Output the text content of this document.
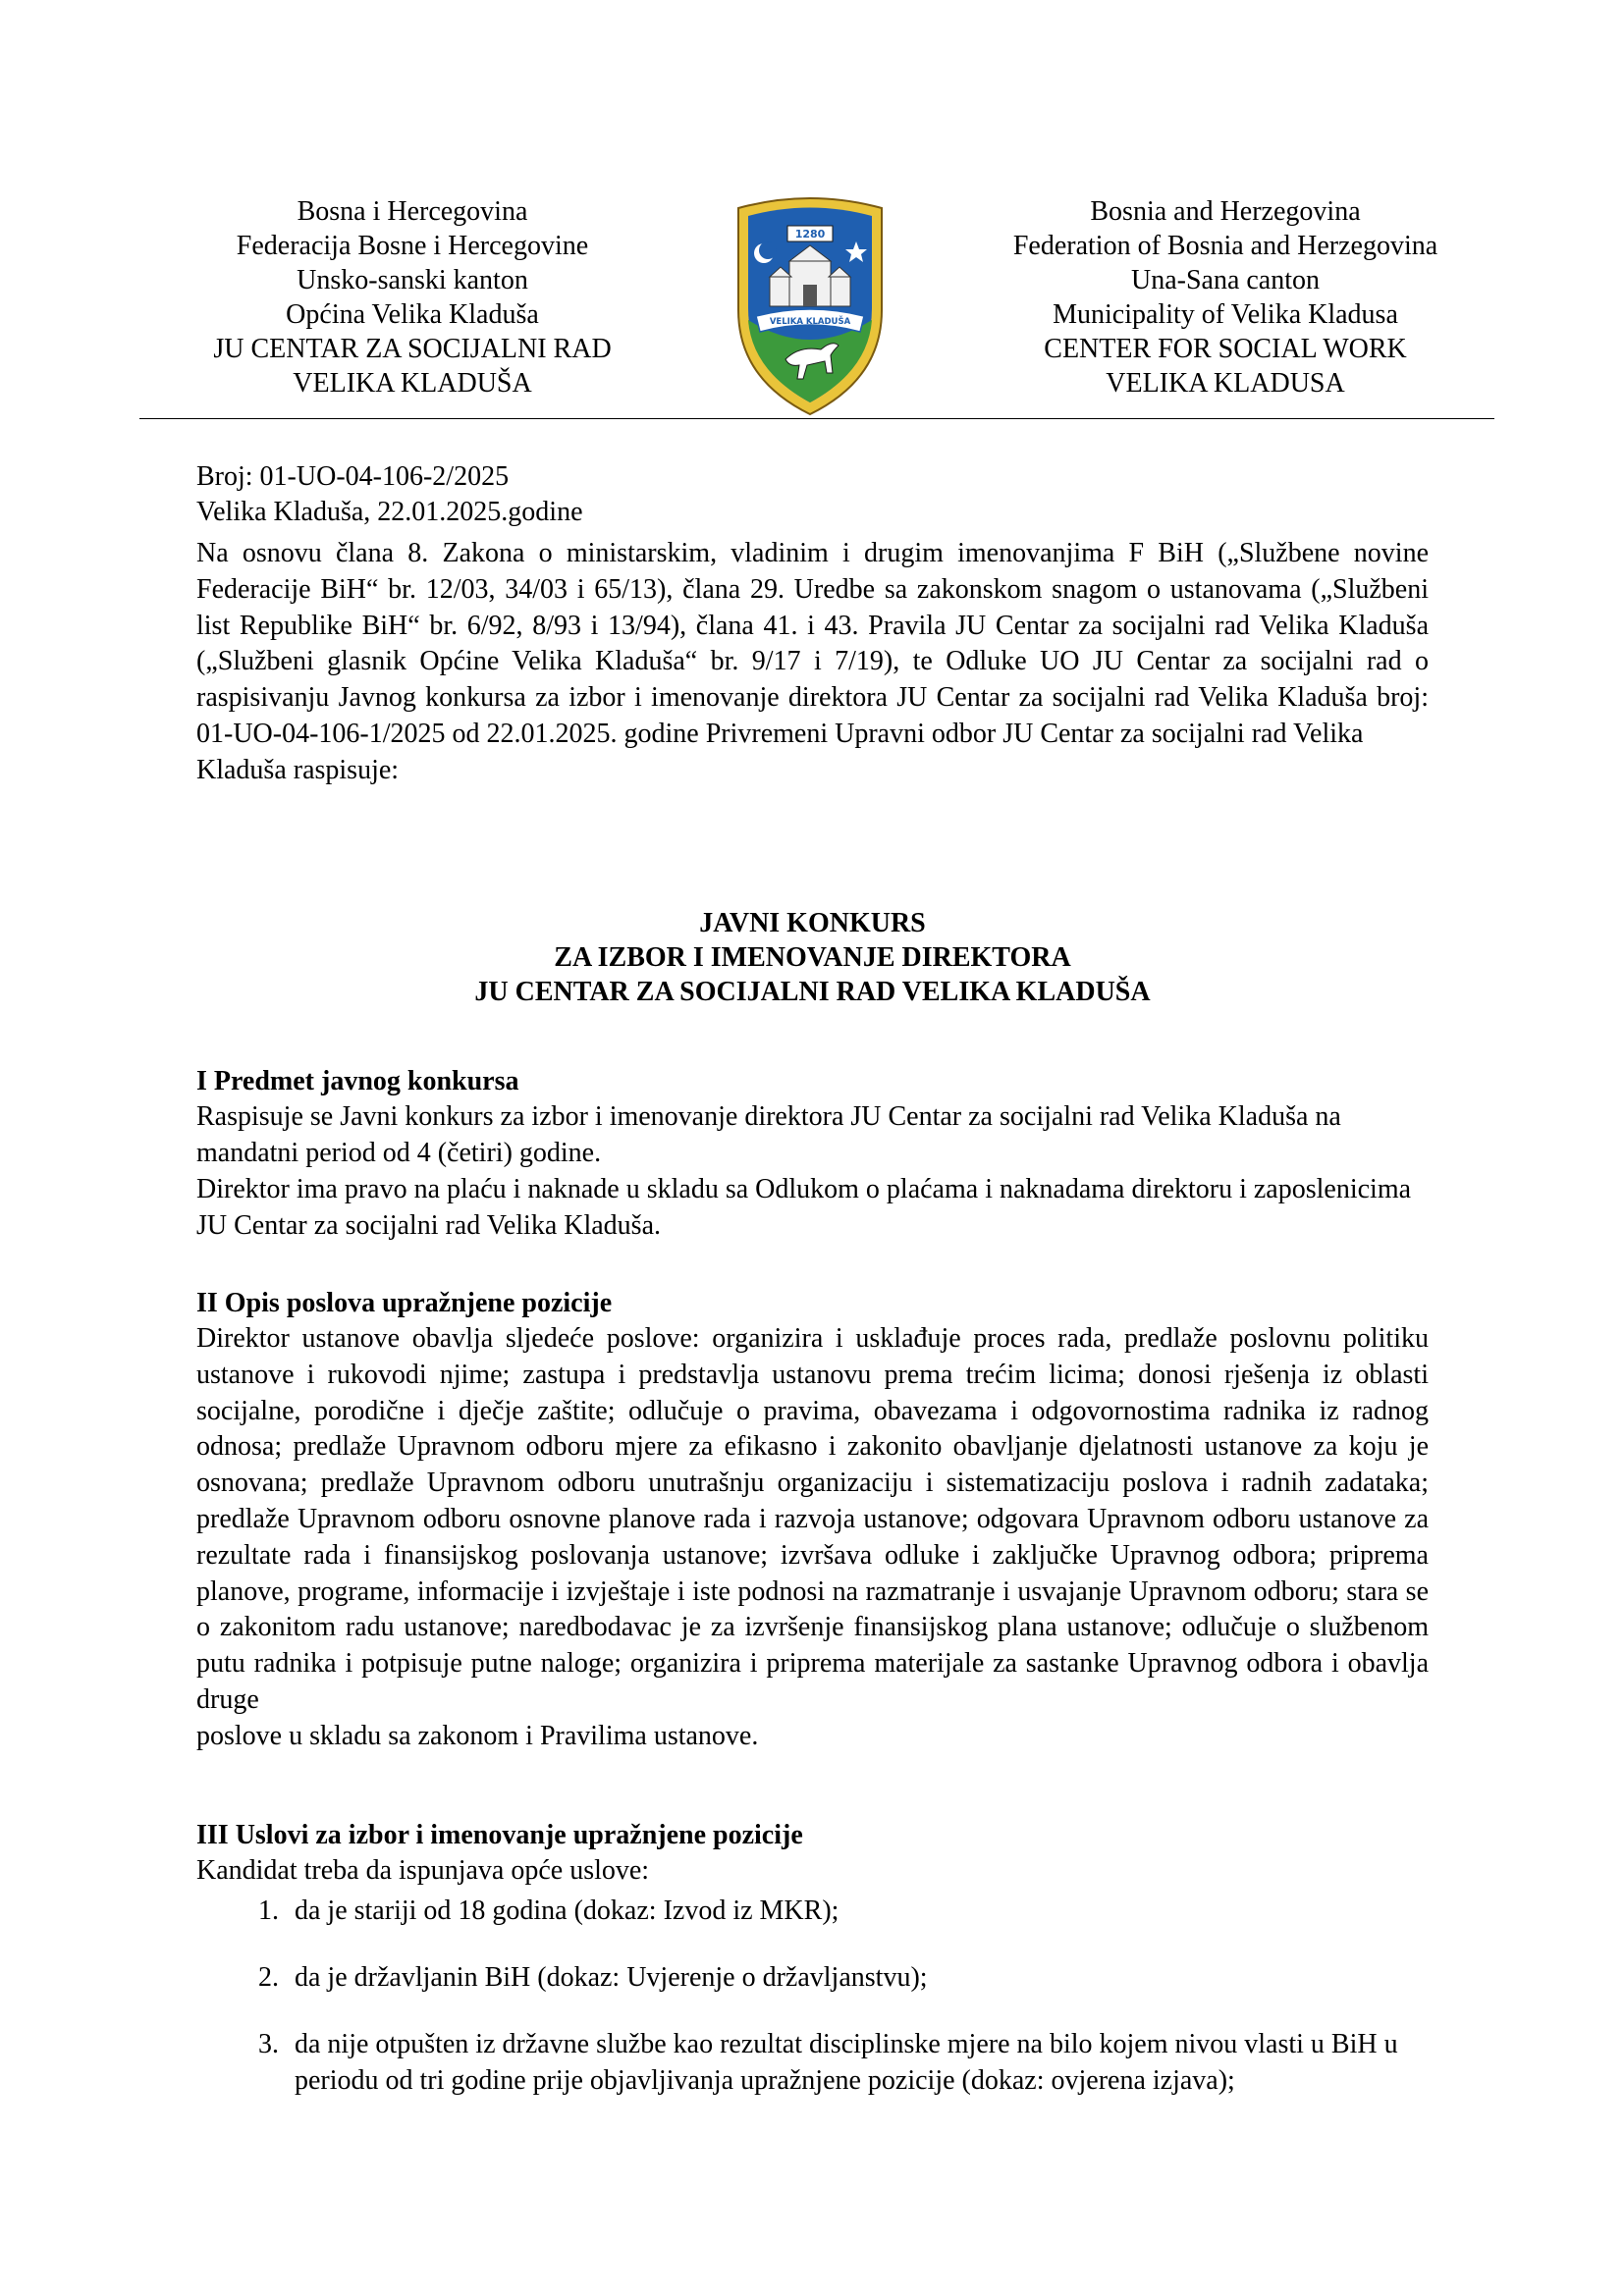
Bosna i Hercegovina
Federacija Bosne i Hercegovine
Unsko-sanski kanton
Općina Velika Kladuša
JU CENTAR ZA SOCIJALNI RAD
VELIKA KLADUŠA
1280
VELIKA KLADUŠA
Bosnia and Herzegovina
Federation of Bosnia and Herzegovina
Una-Sana canton
Municipality of Velika Kladusa
CENTER FOR SOCIAL WORK
VELIKA KLADUSA
Broj: 01-UO-04-106-2/2025
Velika Kladuša, 22.01.2025.godine
Na osnovu člana 8. Zakona o ministarskim, vladinim i drugim imenovanjima F BiH („Službene novine Federacije BiH“ br. 12/03, 34/03 i 65/13), člana 29. Uredbe sa zakonskom snagom o ustanovama („Službeni list Republike BiH“ br. 6/92, 8/93 i 13/94), člana 41. i 43. Pravila JU Centar za socijalni rad Velika Kladuša („Službeni glasnik Općine Velika Kladuša“ br. 9/17 i 7/19), te Odluke UO JU Centar za socijalni rad o raspisivanju Javnog konkursa za izbor i imenovanje direktora JU Centar za socijalni rad Velika Kladuša broj: 01-UO-04-106-1/2025 od 22.01.2025. godine Privremeni Upravni odbor JU Centar za socijalni rad Velika
Kladuša raspisuje:
JAVNI KONKURS
ZA IZBOR I IMENOVANJE DIREKTORA
JU CENTAR ZA SOCIJALNI RAD VELIKA KLADUŠA
I Predmet javnog konkursa
Raspisuje se Javni konkurs za izbor i imenovanje direktora JU Centar za socijalni rad Velika Kladuša na mandatni period od 4 (četiri) godine.
Direktor ima pravo na plaću i naknade u skladu sa Odlukom o plaćama i naknadama direktoru i zaposlenicima JU Centar za socijalni rad Velika Kladuša.
II Opis poslova upražnjene pozicije
Direktor ustanove obavlja sljedeće poslove: organizira i usklađuje proces rada, predlaže poslovnu politiku ustanove i rukovodi njime; zastupa i predstavlja ustanovu prema trećim licima; donosi rješenja iz oblasti socijalne, porodične i dječje zaštite; odlučuje o pravima, obavezama i odgovornostima radnika iz radnog odnosa; predlaže Upravnom odboru mjere za efikasno i zakonito obavljanje djelatnosti ustanove za koju je osnovana; predlaže Upravnom odboru unutrašnju organizaciju i sistematizaciju poslova i radnih zadataka; predlaže Upravnom odboru osnovne planove rada i razvoja ustanove; odgovara Upravnom odboru ustanove za rezultate rada i finansijskog poslovanja ustanove; izvršava odluke i zaključke Upravnog odbora; priprema planove, programe, informacije i izvještaje i iste podnosi na razmatranje i usvajanje Upravnom odboru; stara se o zakonitom radu ustanove; naredbodavac je za izvršenje finansijskog plana ustanove; odlučuje o službenom putu radnika i potpisuje putne naloge; organizira i priprema materijale za sastanke Upravnog odbora i obavlja druge
poslove u skladu sa zakonom i Pravilima ustanove.
III Uslovi za izbor i imenovanje upražnjene pozicije
Kandidat treba da ispunjava opće uslove:
1. da je stariji od 18 godina (dokaz: Izvod iz MKR);
2. da je državljanin BiH (dokaz: Uvjerenje o državljanstvu);
3. da nije otpušten iz državne službe kao rezultat disciplinske mjere na bilo kojem nivou vlasti u BiH u periodu od tri godine prije objavljivanja upražnjene pozicije (dokaz: ovjerena izjava);
